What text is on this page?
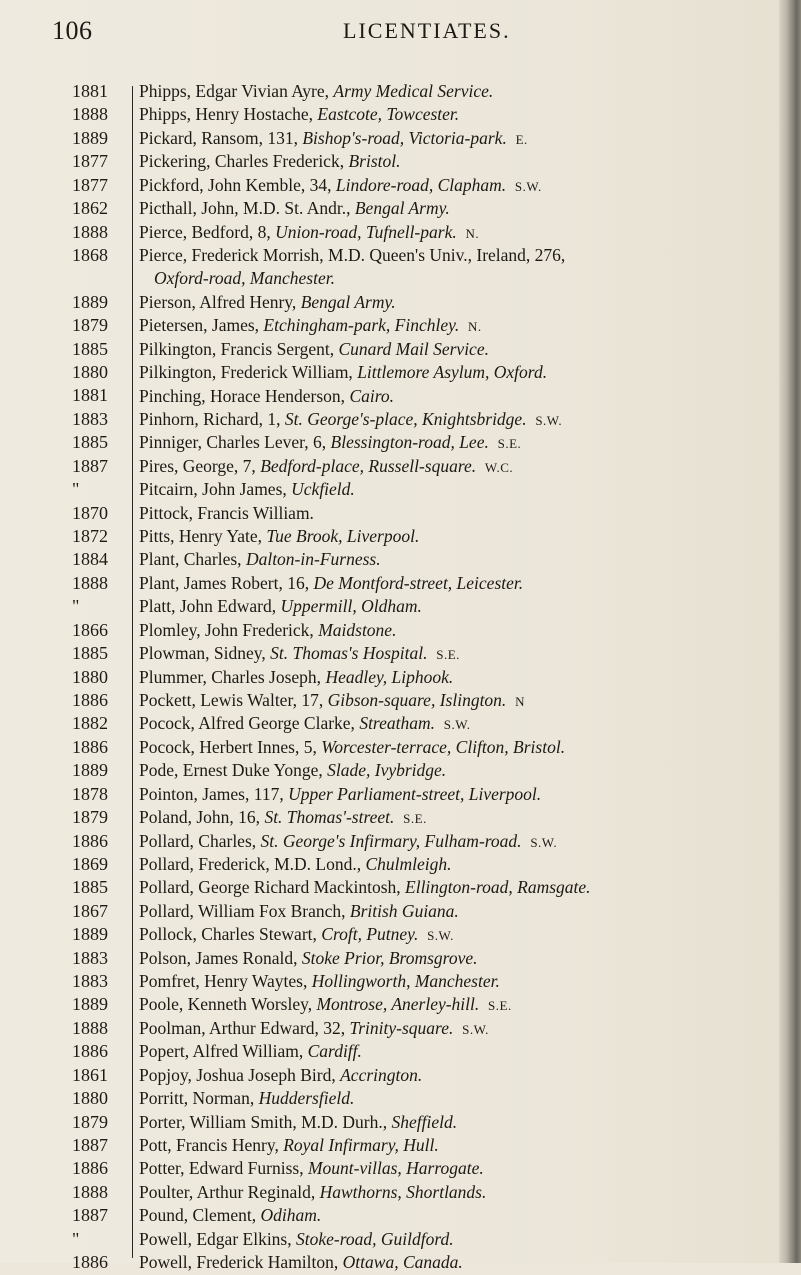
106	LICENTIATES.
1881
1888
1889
1877
1877
1862
1888
1868
1889
1879
1885
1880
1881
1883
1885
1887
"
1870
1872
1884
1888
"
1866
1885
1880
1886
1882
1886
1889
1878
1879
1886
1869
1885
1867
1889
1883
1883
1889
1888
1886
1861
1880
1879
1887
1886
1888
1887
"
1886
Phipps, Edgar Vivian Ayre, Army Medical Service.
Phipps, Henry Hostache, Eastcote, Towcester.
Pickard, Ransom, 131, Bishop's-road, Victoria-park. E.
Pickering, Charles Frederick, Bristol.
Pickford, John Kemble, 34, Lindore-road, Clapham. S.W.
Picthall, John, M.D. St. Andr., Bengal Army.
Pierce, Bedford, 8, Union-road, Tufnell-park. N.
Pierce, Frederick Morrish, M.D. Queen's Univ., Ireland, 276,
Oxford-road, Manchester.
Pierson, Alfred Henry, Bengal Army.
Pietersen, James, Etchingham-park, Finchley. N.
Pilkington, Francis Sergent, Cunard Mail Service.
Pilkington, Frederick William, Littlemore Asylum, Oxford.
Pinching, Horace Henderson, Cairo.
Pinhorn, Richard, 1, St. George's-place, Knightsbridge. S.W.
Pinniger, Charles Lever, 6, Blessington-road, Lee. S.E.
Pires, George, 7, Bedford-place, Russell-square. W.C.
Pitcairn, John James, Uckfield.
Pittock, Francis William.
Pitts, Henry Yate, Tue Brook, Liverpool.
Plant, Charles, Dalton-in-Furness.
Plant, James Robert, 16, De Montford-street, Leicester.
Platt, John Edward, Uppermill, Oldham.
Plomley, John Frederick, Maidstone.
Plowman, Sidney, St. Thomas's Hospital. S.E.
Plummer, Charles Joseph, Headley, Liphook.
Pockett, Lewis Walter, 17, Gibson-square, Islington. N
Pocock, Alfred George Clarke, Streatham. S.W.
Pocock, Herbert Innes, 5, Worcester-terrace, Clifton, Bristol.
Pode, Ernest Duke Yonge, Slade, Ivybridge.
Pointon, James, 117, Upper Parliament-street, Liverpool.
Poland, John, 16, St. Thomas'-street. S.E.
Pollard, Charles, St. George's Infirmary, Fulham-road. S.W.
Pollard, Frederick, M.D. Lond., Chulmleigh.
Pollard, George Richard Mackintosh, Ellington-road, Ramsgate.
Pollard, William Fox Branch, British Guiana.
Pollock, Charles Stewart, Croft, Putney. S.W.
Polson, James Ronald, Stoke Prior, Bromsgrove.
Pomfret, Henry Waytes, Hollingworth, Manchester.
Poole, Kenneth Worsley, Montrose, Anerley-hill. S.E.
Poolman, Arthur Edward, 32, Trinity-square. S.W.
Popert, Alfred William, Cardiff.
Popjoy, Joshua Joseph Bird, Accrington.
Porritt, Norman, Huddersfield.
Porter, William Smith, M.D. Durh., Sheffield.
Pott, Francis Henry, Royal Infirmary, Hull.
Potter, Edward Furniss, Mount-villas, Harrogate.
Poulter, Arthur Reginald, Hawthorns, Shortlands.
Pound, Clement, Odiham.
Powell, Edgar Elkins, Stoke-road, Guildford.
Powell, Frederick Hamilton, Ottawa, Canada.
